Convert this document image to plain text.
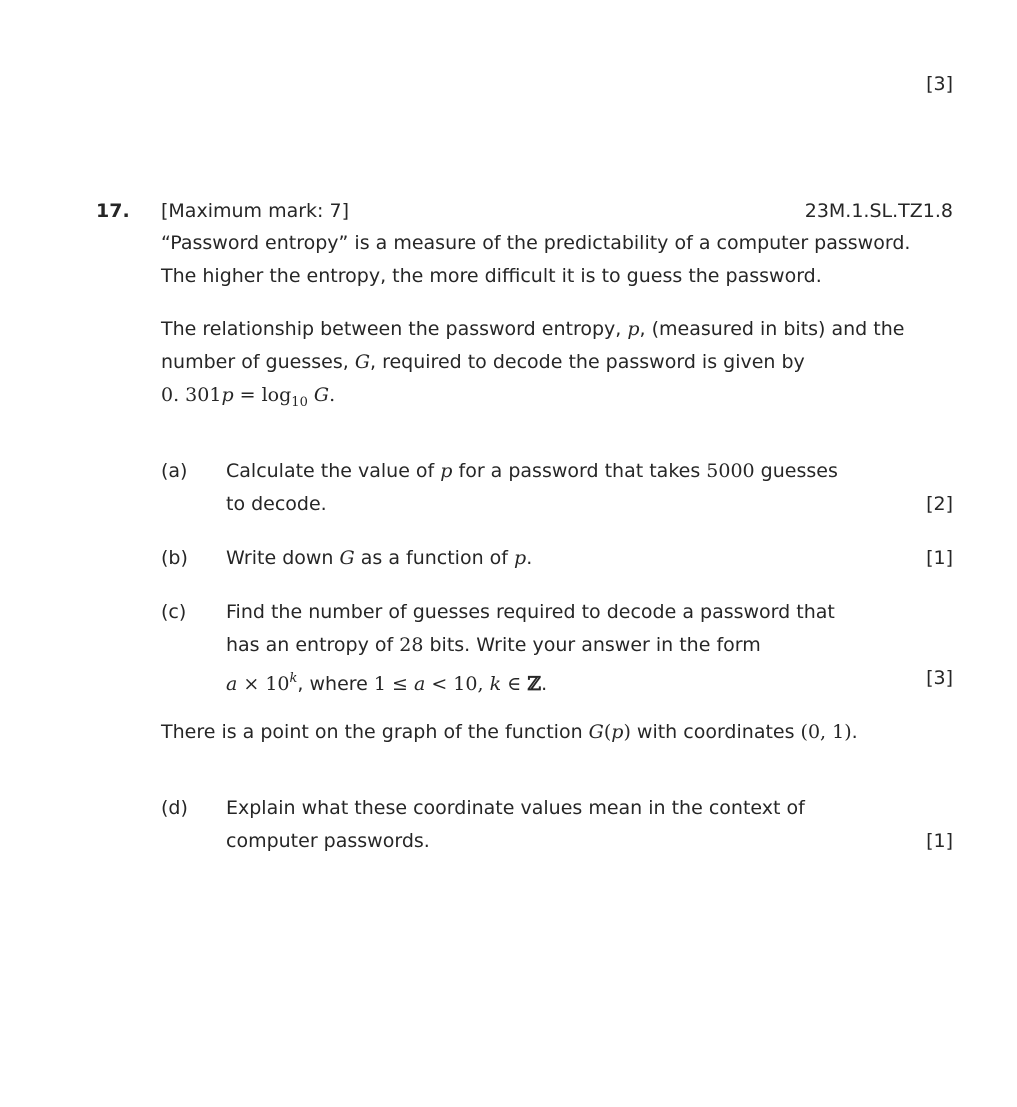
[3]
17. [Maximum mark: 7]	23M.1.SL.TZ1.8
“Password entropy” is a measure of the predictability of a computer password.
The higher the entropy, the more difficult it is to guess the password.
The relationship between the password entropy, p, (measured in bits) and the
number of guesses, G, required to decode the password is given by
0. $301p = \log_{10} G$.
(a) Calculate the value of p for a password that takes 5000 guesses
to decode.	[2]
(b) Write down G as a function of p.	[1]
(c) Find the number of guesses required to decode a password that
has an entropy of 28 bits. Write your answer in the form
$a \times 10^k$, where 1 ≤ a < 10, k ∈ ℤ.	[3]
There is a point on the graph of the function G(p) with coordinates (0, 1).
(d) Explain what these coordinate values mean in the context of
computer passwords.	[1]
